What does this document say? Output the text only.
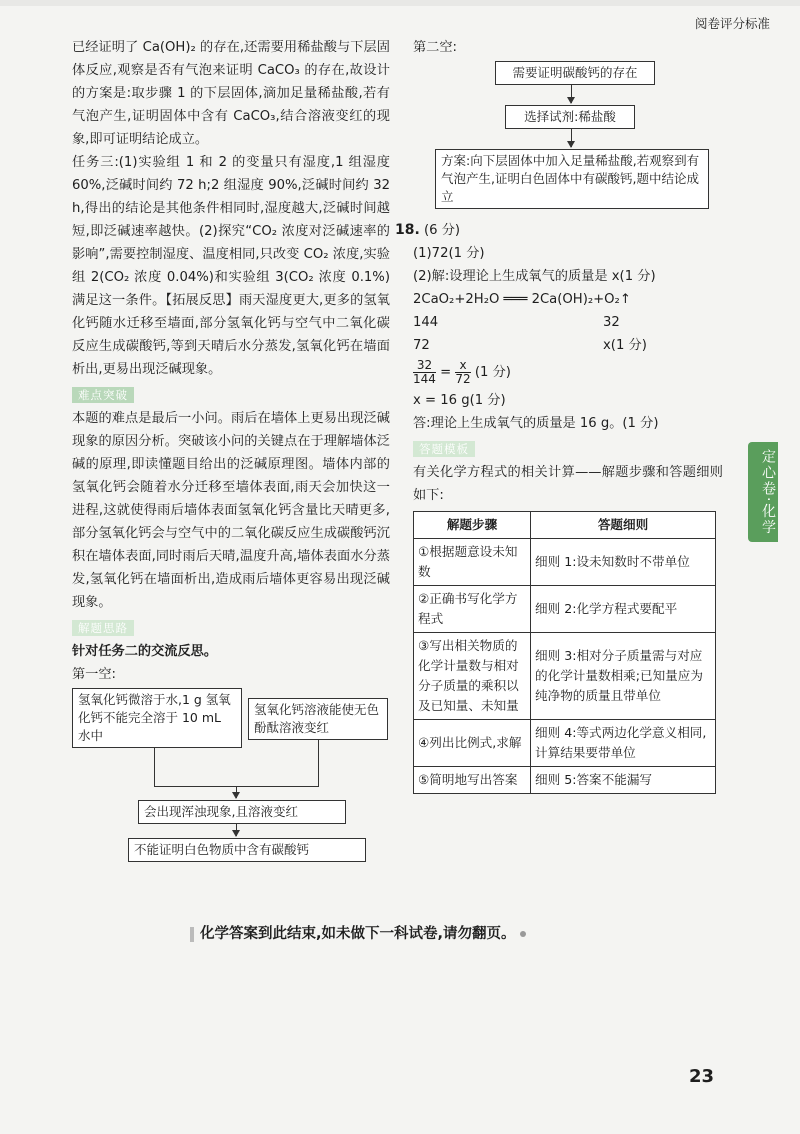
阅卷评分标准

已经证明了 Ca(OH)₂ 的存在,还需要用稀盐酸与下层固体反应,观察是否有气泡来证明 CaCO₃ 的存在,故设计的方案是:取步骤 1 的下层固体,滴加足量稀盐酸,若有气泡产生,证明固体中含有 CaCO₃,结合溶液变红的现象,即可证明结论成立。

任务三:(1)实验组 1 和 2 的变量只有湿度,1 组湿度 60%,泛碱时间约 72 h;2 组湿度 90%,泛碱时间约 32 h,得出的结论是其他条件相同时,湿度越大,泛碱时间越短,即泛碱速率越快。(2)探究“CO₂ 浓度对泛碱速率的影响”,需要控制湿度、温度相同,只改变 CO₂ 浓度,实验组 2(CO₂ 浓度 0.04%)和实验组 3(CO₂ 浓度 0.1%)满足这一条件。【拓展反思】雨天湿度更大,更多的氢氧化钙随水迁移至墙面,部分氢氧化钙与空气中二氧化碳反应生成碳酸钙,等到天晴后水分蒸发,氢氧化钙在墙面析出,更易出现泛碱现象。

难点突破

本题的难点是最后一小问。雨后在墙体上更易出现泛碱现象的原因分析。突破该小问的关键点在于理解墙体泛碱的原理,即读懂题目给出的泛碱原理图。墙体内部的氢氧化钙会随着水分迁移至墙体表面,雨天会加快这一进程,这就使得雨后墙体表面氢氧化钙含量比天晴更多,部分氢氧化钙会与空气中的二氧化碳反应生成碳酸钙沉积在墙体表面,同时雨后天晴,温度升高,墙体表面水分蒸发,氢氧化钙在墙面析出,造成雨后墙体更容易出现泛碱现象。

解题思路

针对任务二的交流反思。

第一空:

氢氧化钙微溶于水,1 g 氢氧化钙不能完全溶于 10 mL 水中
氢氧化钙溶液能使无色酚酞溶液变红
会出现浑浊现象,且溶液变红
不能证明白色物质中含有碳酸钙

第二空:

需要证明碳酸钙的存在
选择试剂:稀盐酸
方案:向下层固体中加入足量稀盐酸,若观察到有气泡产生,证明白色固体中有碳酸钙,题中结论成立

18. (6 分)

(1)72(1 分)

(2)解:设理论上生成氧气的质量是 x(1 分)

2CaO₂+2H₂O ═══ 2Ca(OH)₂+O₂↑

144	32
72	x(1 分)
$\frac{32}{144} = \frac{x}{72} (1$ 分)

x = 16 g(1 分)

答:理论上生成氧气的质量是 16 g。(1 分)

答题模板

有关化学方程式的相关计算——解题步骤和答题细则如下:

解题步骤	答题细则
①根据题意设未知数	细则 1:设未知数时不带单位
②正确书写化学方程式	细则 2:化学方程式要配平
③写出相关物质的化学计量数与相对分子质量的乘积以及已知量、未知量	细则 3:相对分子质量需与对应的化学计量数相乘;已知量应为纯净物的质量且带单位
④列出比例式,求解	细则 4:等式两边化学意义相同,计算结果要带单位
⑤简明地写出答案	细则 5:答案不能漏写
定心卷·化学
化学答案到此结束,如未做下一科试卷,请勿翻页。
23
